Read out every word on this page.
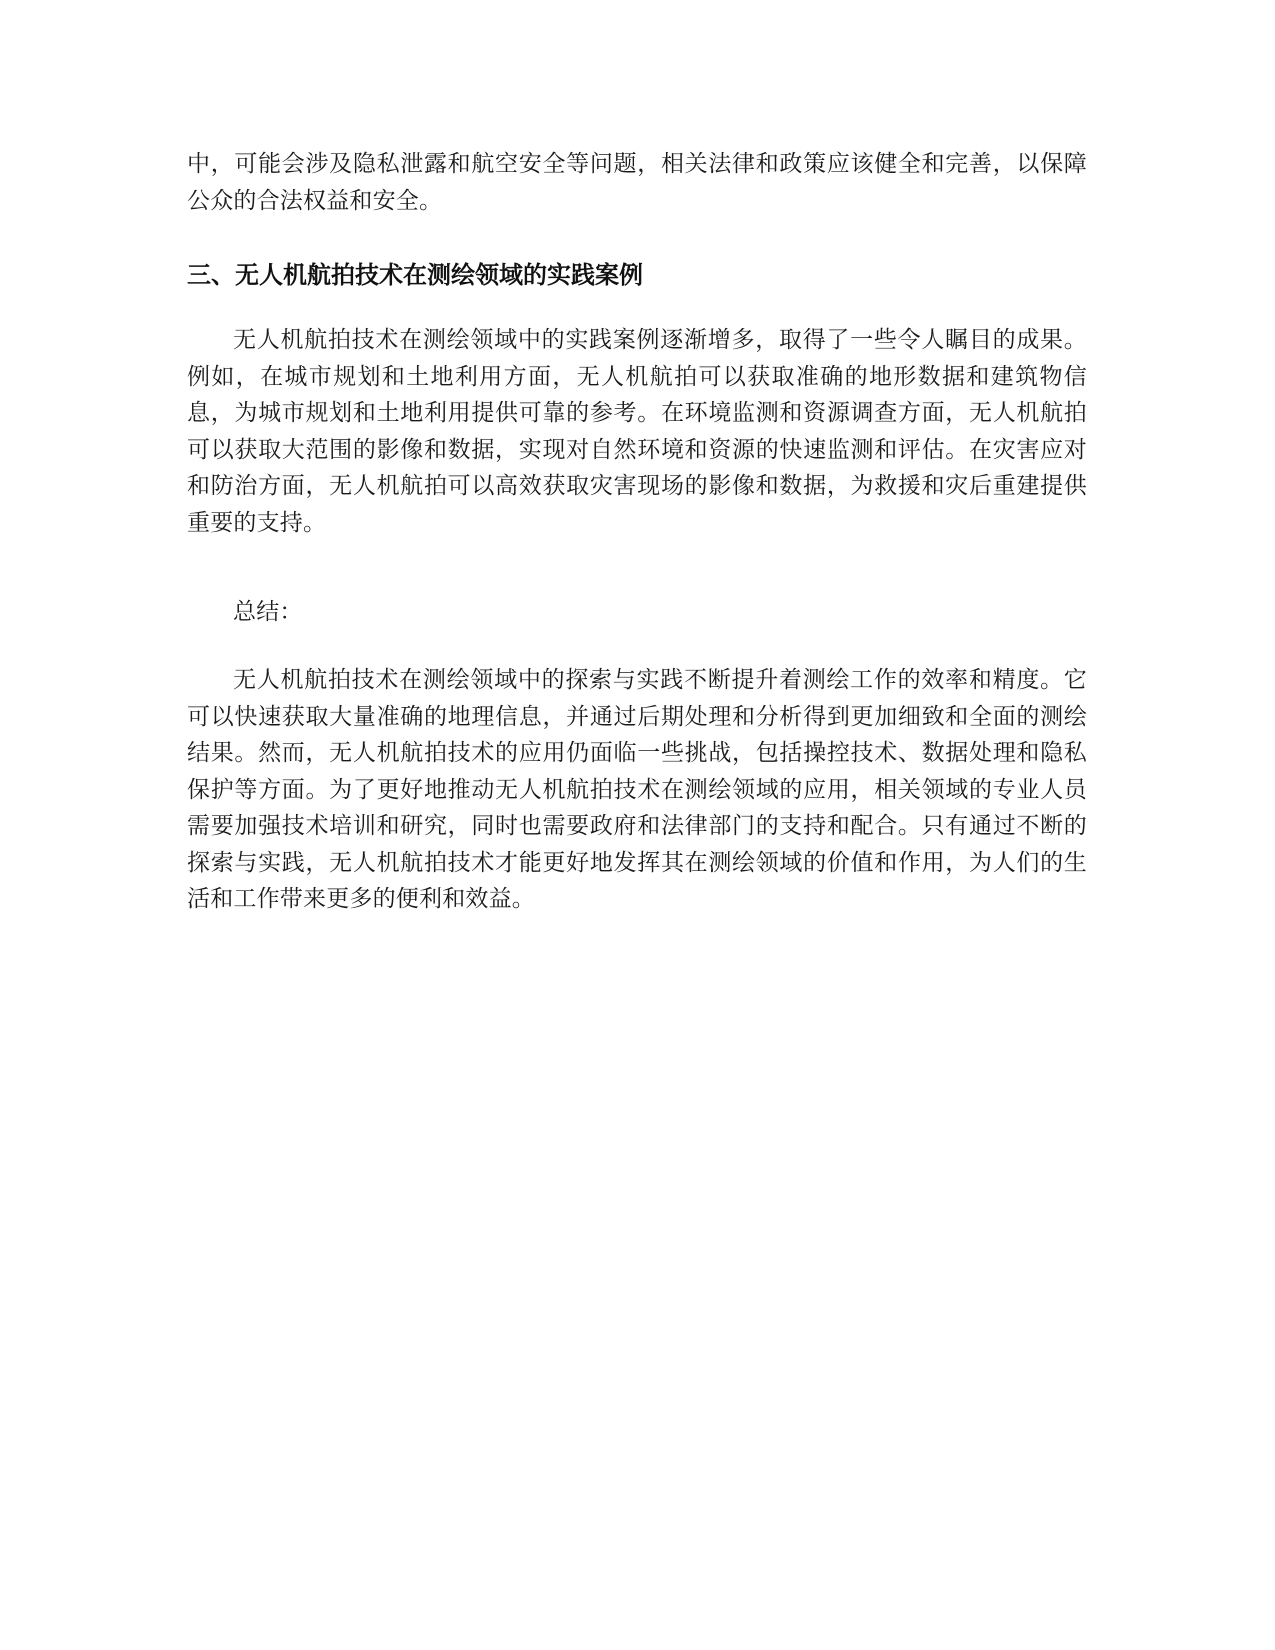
中，可能会涉及隐私泄露和航空安全等问题，相关法律和政策应该健全和完善，以保障公众的合法权益和安全。

三、无人机航拍技术在测绘领域的实践案例

无人机航拍技术在测绘领域中的实践案例逐渐增多，取得了一些令人瞩目的成果。例如，在城市规划和土地利用方面，无人机航拍可以获取准确的地形数据和建筑物信息，为城市规划和土地利用提供可靠的参考。在环境监测和资源调查方面，无人机航拍可以获取大范围的影像和数据，实现对自然环境和资源的快速监测和评估。在灾害应对和防治方面，无人机航拍可以高效获取灾害现场的影像和数据，为救援和灾后重建提供重要的支持。

总结：

无人机航拍技术在测绘领域中的探索与实践不断提升着测绘工作的效率和精度。它可以快速获取大量准确的地理信息，并通过后期处理和分析得到更加细致和全面的测绘结果。然而，无人机航拍技术的应用仍面临一些挑战，包括操控技术、数据处理和隐私保护等方面。为了更好地推动无人机航拍技术在测绘领域的应用，相关领域的专业人员需要加强技术培训和研究，同时也需要政府和法律部门的支持和配合。只有通过不断的探索与实践，无人机航拍技术才能更好地发挥其在测绘领域的价值和作用，为人们的生活和工作带来更多的便利和效益。
